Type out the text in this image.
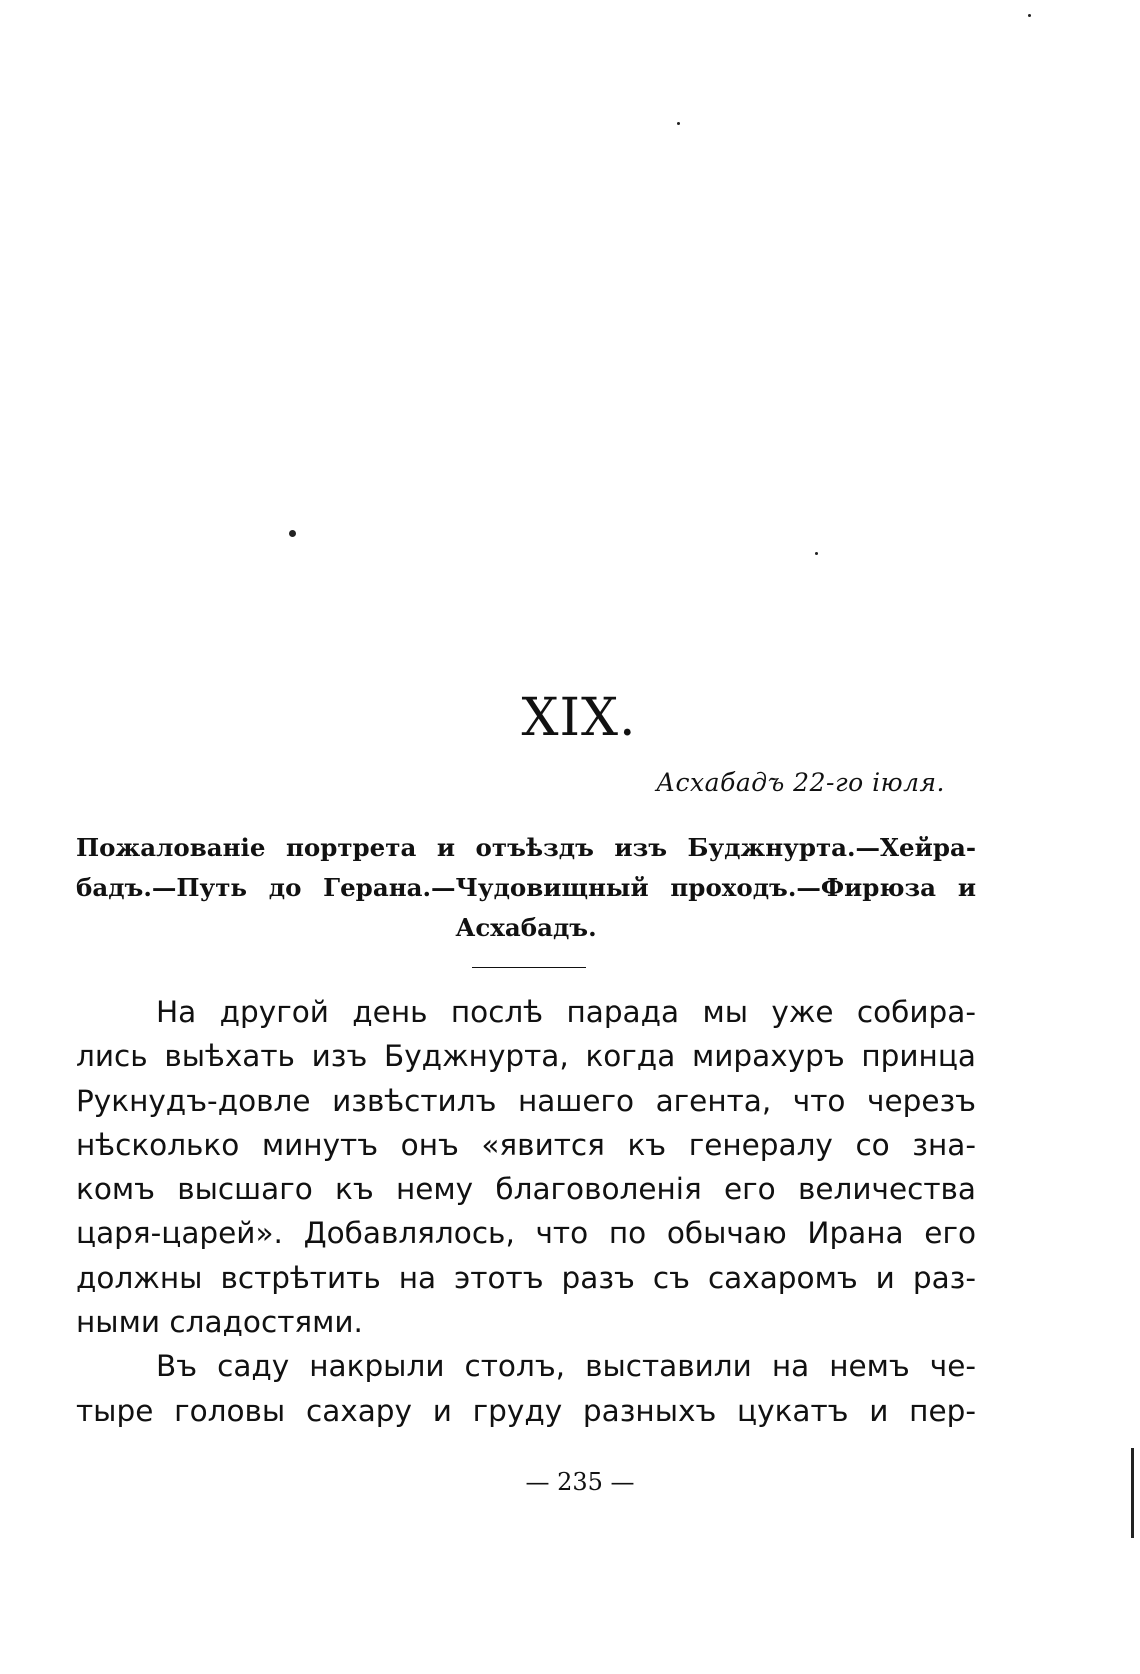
XIX.
Асхабадъ 22-го іюля.

Пожалованіе портрета и отъѣздъ изъ Буджнурта.—Хейра-
бадъ.—Путь до Герана.—Чудовищный проходъ.—Фирюза и
Асхабадъ.

На другой день послѣ парада мы уже собира-
лись выѣхать изъ Буджнурта, когда мирахуръ принца
Рукнудъ-довле извѣстилъ нашего агента, что черезъ
нѣсколько минутъ онъ «явится къ генералу со зна-
комъ высшаго къ нему благоволенія его величества
царя-царей». Добавлялось, что по обычаю Ирана его
должны встрѣтить на этотъ разъ съ сахаромъ и раз-
ными сладостями.
Въ саду накрыли столъ, выставили на немъ че-
тыре головы сахару и груду разныхъ цукатъ и пер-
— 235 —
